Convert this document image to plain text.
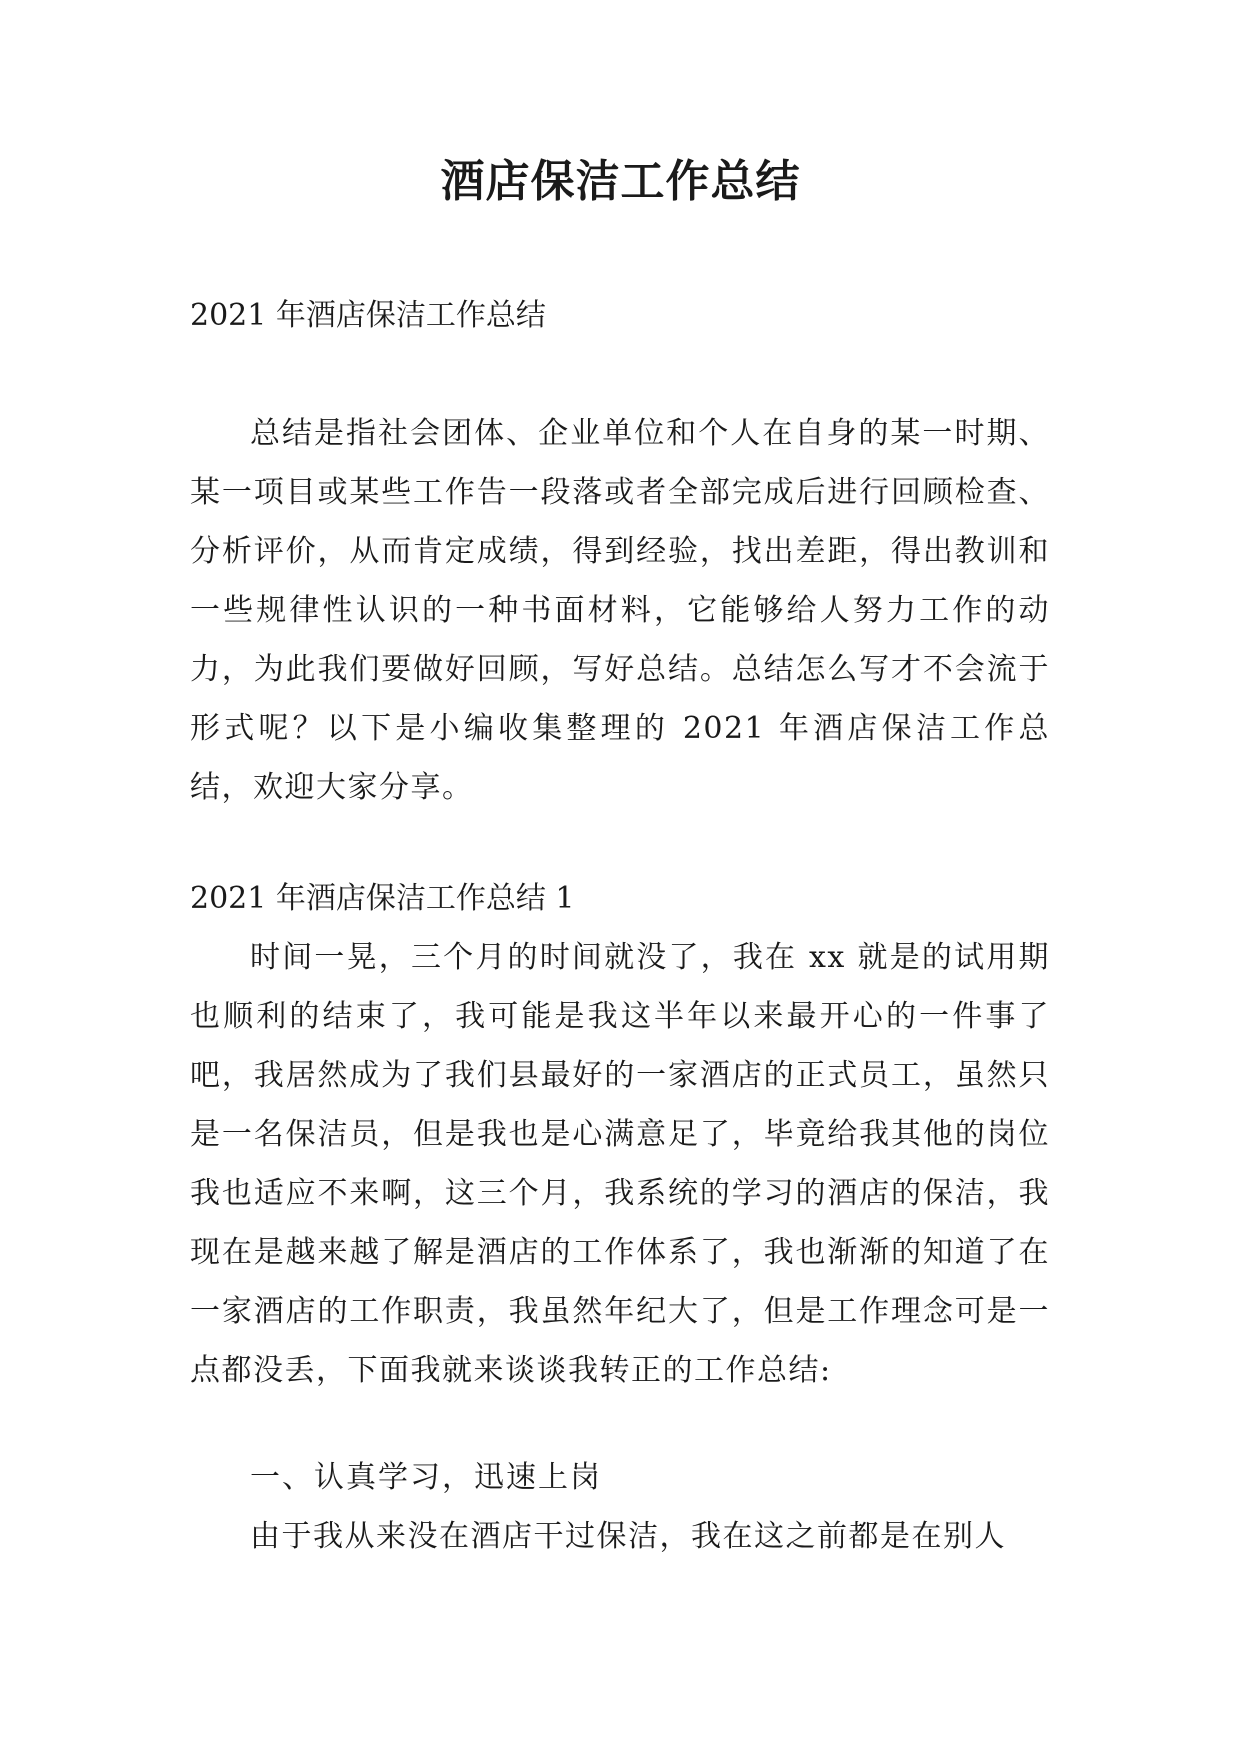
酒店保洁工作总结

2021 年酒店保洁工作总结

总结是指社会团体、企业单位和个人在自身的某一时期、某一项目或某些工作告一段落或者全部完成后进行回顾检查、分析评价，从而肯定成绩，得到经验，找出差距，得出教训和一些规律性认识的一种书面材料，它能够给人努力工作的动力，为此我们要做好回顾，写好总结。总结怎么写才不会流于形式呢？以下是小编收集整理的 2021 年酒店保洁工作总结，欢迎大家分享。

2021 年酒店保洁工作总结 1

时间一晃，三个月的时间就没了，我在 xx 就是的试用期也顺利的结束了，我可能是我这半年以来最开心的一件事了吧，我居然成为了我们县最好的一家酒店的正式员工，虽然只是一名保洁员，但是我也是心满意足了，毕竟给我其他的岗位我也适应不来啊，这三个月，我系统的学习的酒店的保洁，我现在是越来越了解是酒店的工作体系了，我也渐渐的知道了在一家酒店的工作职责，我虽然年纪大了，但是工作理念可是一点都没丢，下面我就来谈谈我转正的工作总结:

一、认真学习，迅速上岗

由于我从来没在酒店干过保洁，我在这之前都是在别人
